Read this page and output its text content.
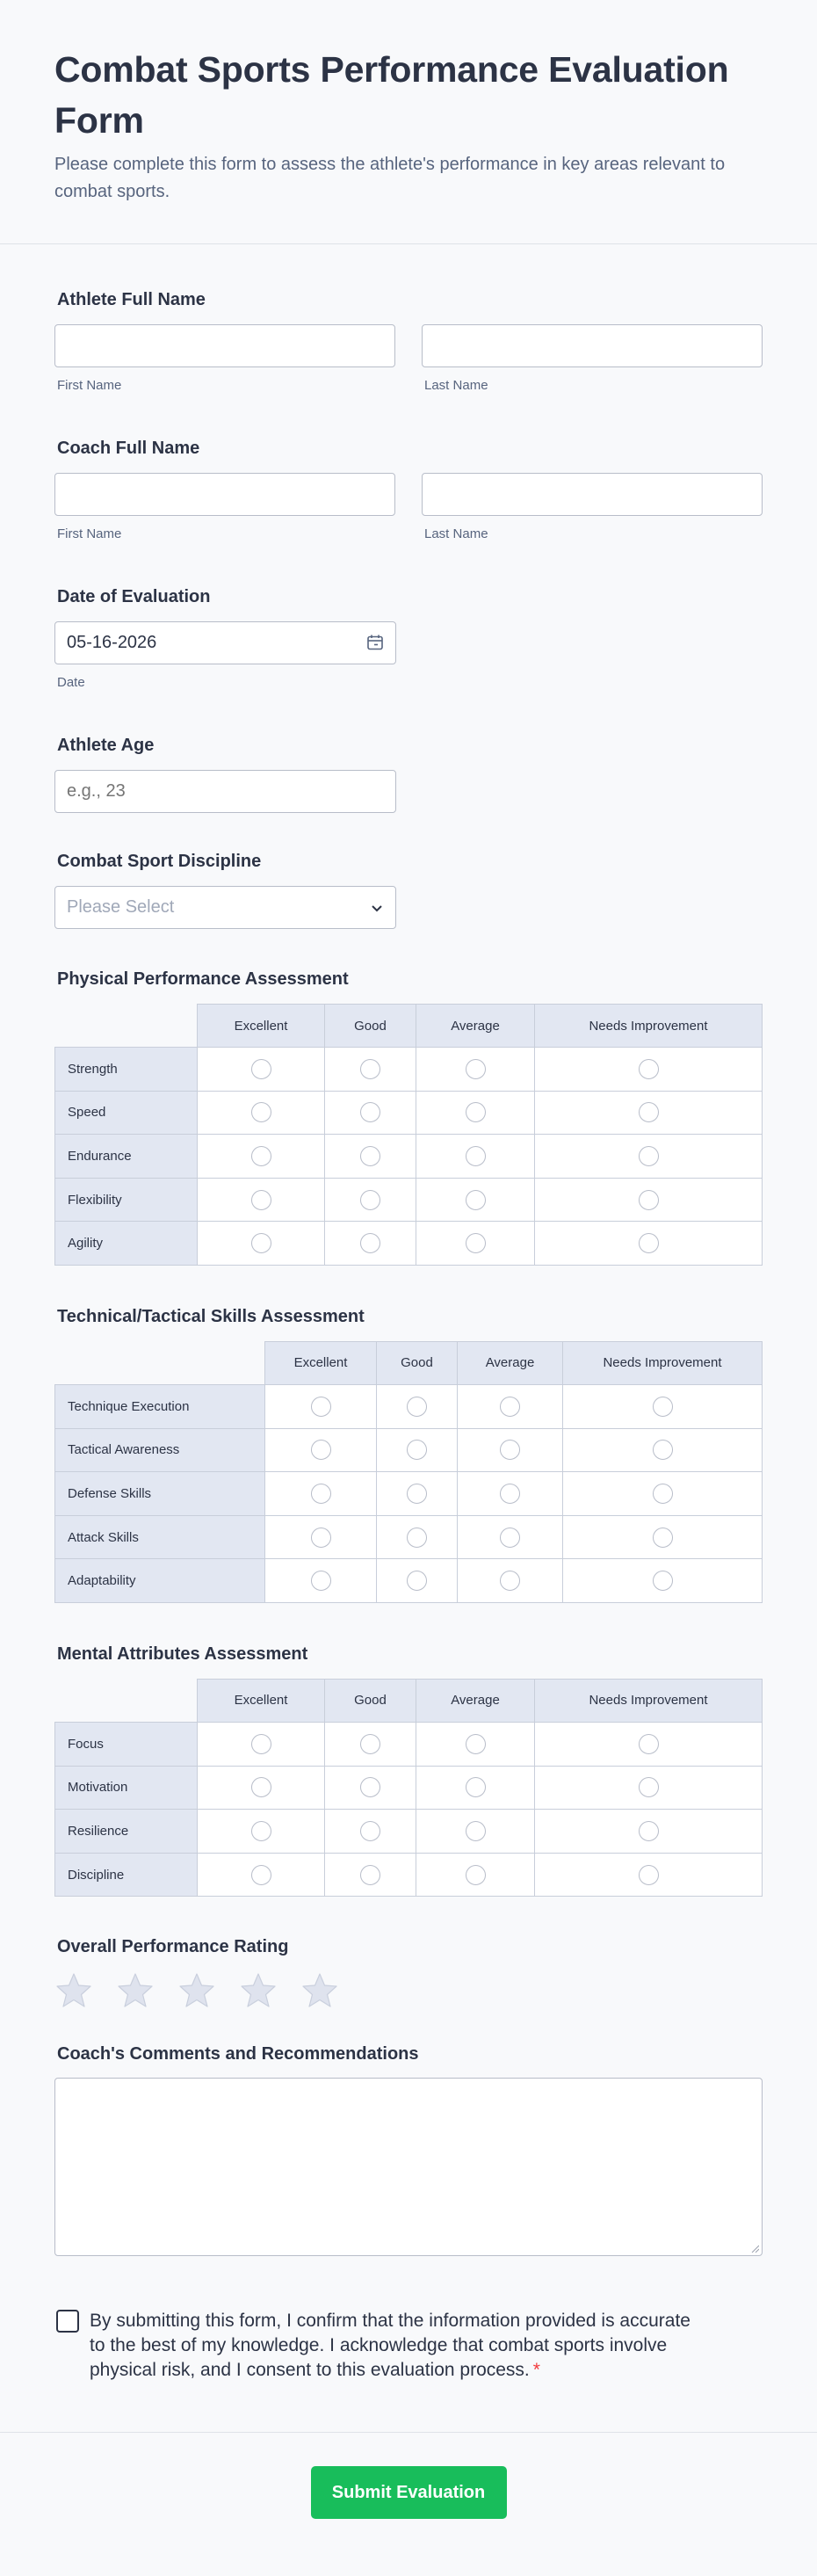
Combat Sports Performance Evaluation Form

Please complete this form to assess the athlete's performance in key areas relevant to combat sports.

Athlete Full Name
First Name	Last Name
Coach Full Name
First Name	Last Name
Date of Evaluation
05-16-2026
Date
Athlete Age
e.g., 23
Combat Sport Discipline
Please Select
Physical Performance Assessment
	Excellent	Good	Average	Needs Improvement
Strength				
Speed				
Endurance				
Flexibility				
Agility				
Technical/Tactical Skills Assessment
	Excellent	Good	Average	Needs Improvement
Technique Execution				
Tactical Awareness				
Defense Skills				
Attack Skills				
Adaptability				
Mental Attributes Assessment
	Excellent	Good	Average	Needs Improvement
Focus				
Motivation				
Resilience				
Discipline				
Overall Performance Rating
Coach's Comments and Recommendations
By submitting this form, I confirm that the information provided is accurate to the best of my knowledge. I acknowledge that combat sports involve physical risk, and I consent to this evaluation process. *
Submit Evaluation
